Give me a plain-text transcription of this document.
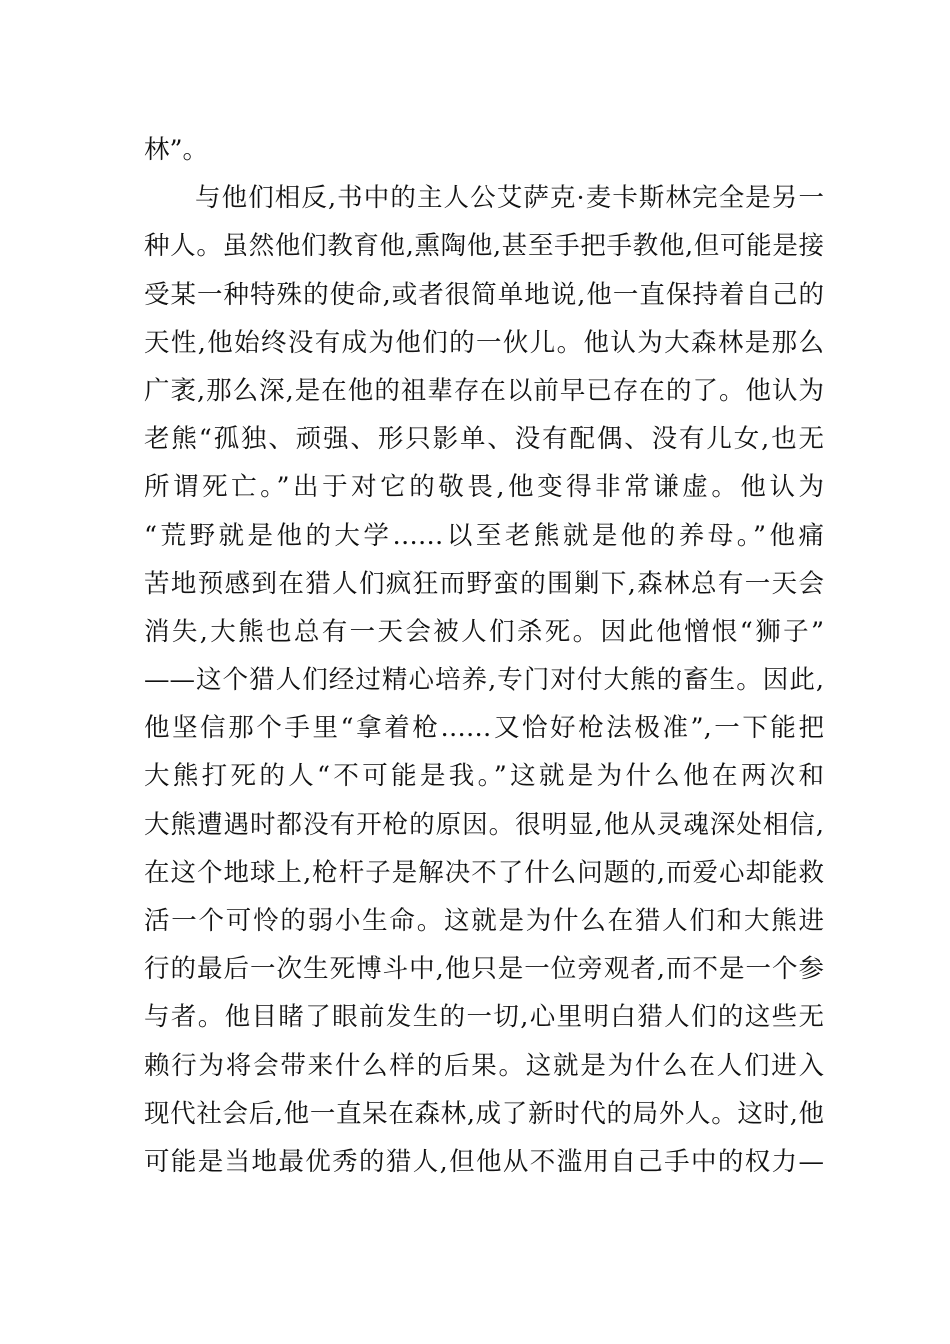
林”。
与他们相反,书中的主人公艾萨克·麦卡斯林完全是另一
种人。虽然他们教育他,熏陶他,甚至手把手教他,但可能是接
受某一种特殊的使命,或者很简单地说,他一直保持着自己的
天性,他始终没有成为他们的一伙儿。他认为大森林是那么
广袤,那么深,是在他的祖辈存在以前早已存在的了。他认为
老熊“孤独、顽强、形只影单、没有配偶、没有儿女,也无
所谓死亡。”出于对它的敬畏,他变得非常谦虚。他认为
“荒野就是他的大学……以至老熊就是他的养母。”他痛
苦地预感到在猎人们疯狂而野蛮的围剿下,森林总有一天会
消失,大熊也总有一天会被人们杀死。因此他憎恨“狮子”
——这个猎人们经过精心培养,专门对付大熊的畜生。因此,
他坚信那个手里“拿着枪……又恰好枪法极准”,一下能把
大熊打死的人“不可能是我。”这就是为什么他在两次和
大熊遭遇时都没有开枪的原因。很明显,他从灵魂深处相信,
在这个地球上,枪杆子是解决不了什么问题的,而爱心却能救
活一个可怜的弱小生命。这就是为什么在猎人们和大熊进
行的最后一次生死博斗中,他只是一位旁观者,而不是一个参
与者。他目睹了眼前发生的一切,心里明白猎人们的这些无
赖行为将会带来什么样的后果。这就是为什么在人们进入
现代社会后,他一直呆在森林,成了新时代的局外人。这时,他
可能是当地最优秀的猎人,但他从不滥用自己手中的权力—
